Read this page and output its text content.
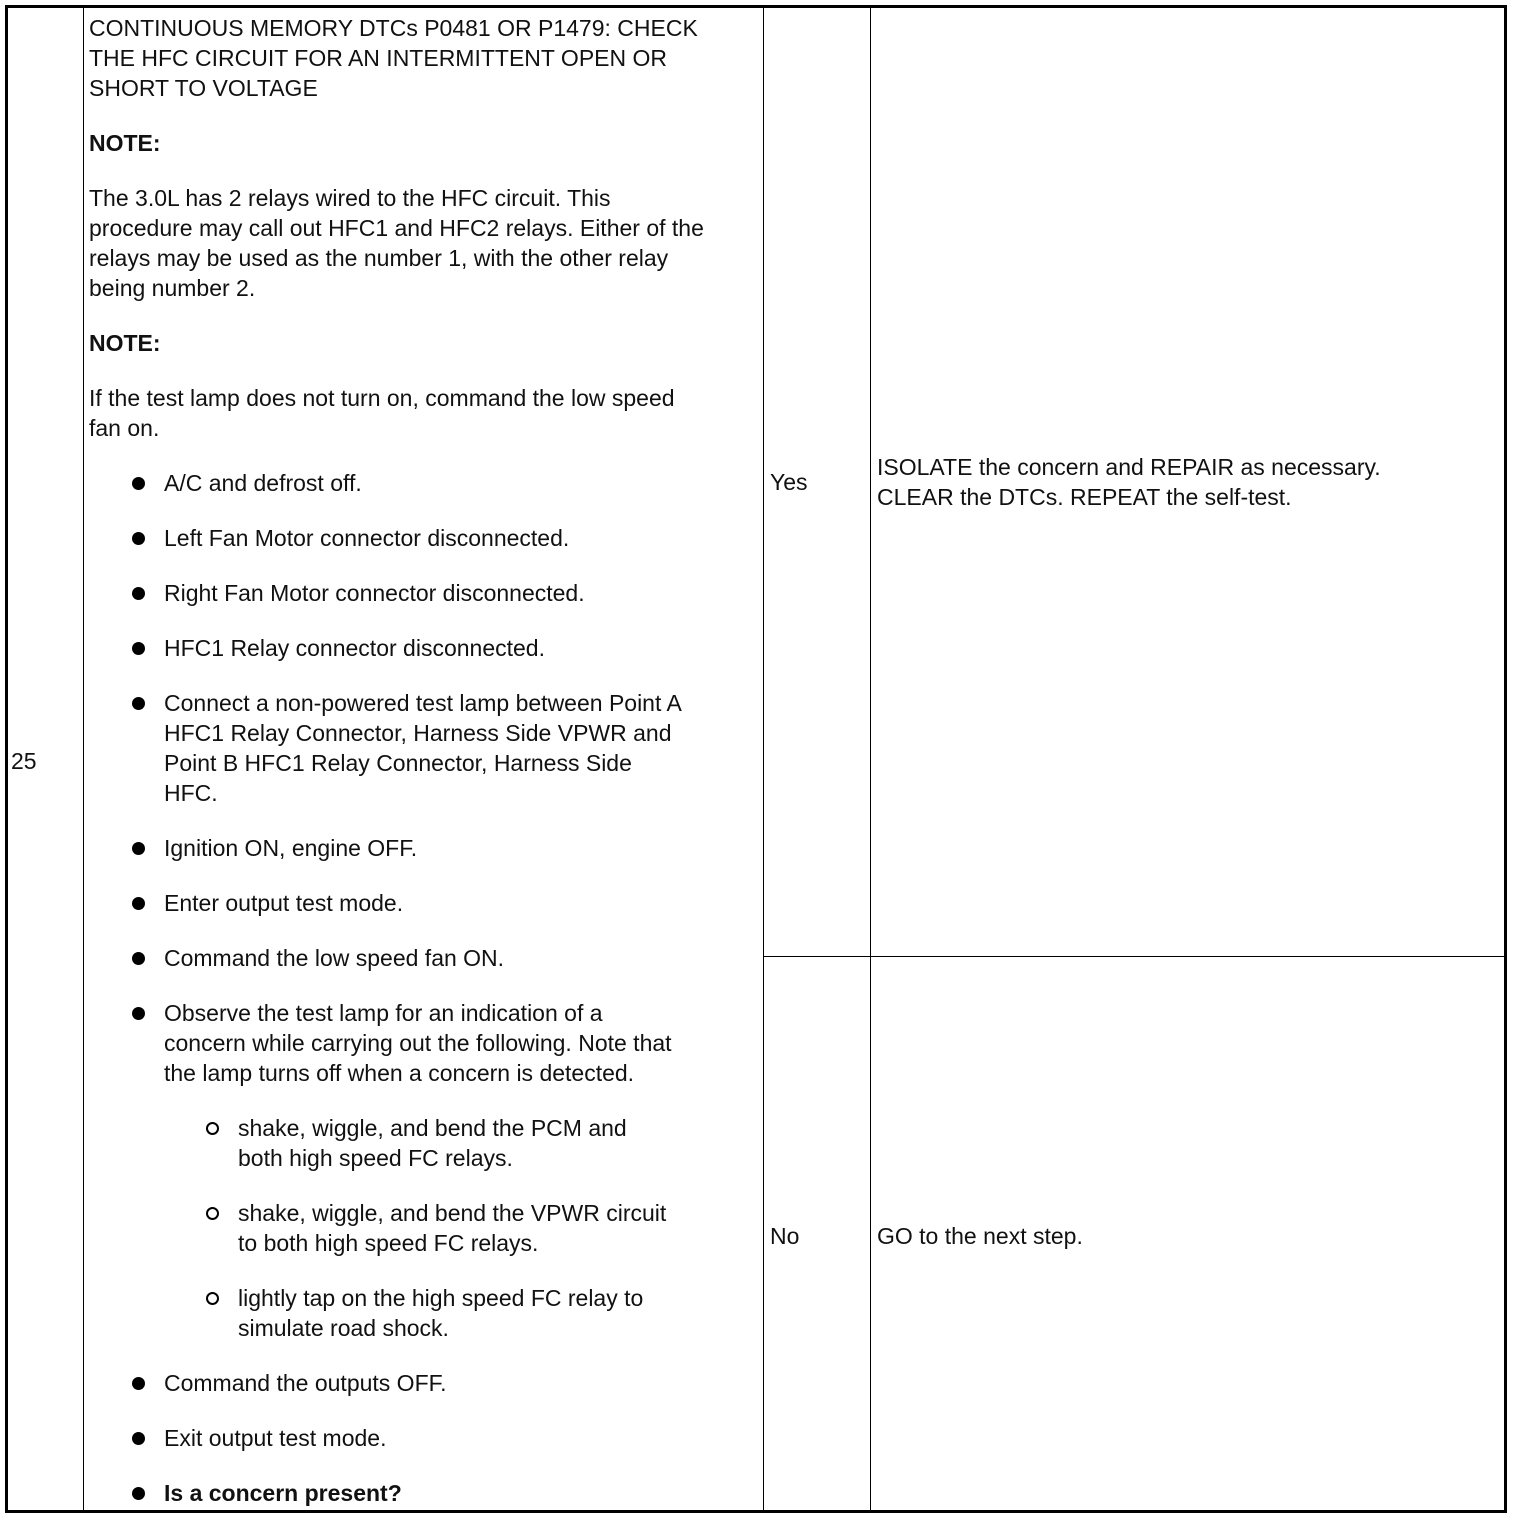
25
CONTINUOUS MEMORY DTCs P0481 OR P1479: CHECK
THE HFC CIRCUIT FOR AN INTERMITTENT OPEN OR
SHORT TO VOLTAGE
NOTE:
The 3.0L has 2 relays wired to the HFC circuit. This
procedure may call out HFC1 and HFC2 relays. Either of the
relays may be used as the number 1, with the other relay
being number 2.
NOTE:
If the test lamp does not turn on, command the low speed
fan on.
A/C and defrost off.
Left Fan Motor connector disconnected.
Right Fan Motor connector disconnected.
HFC1 Relay connector disconnected.
Connect a non-powered test lamp between Point A
HFC1 Relay Connector, Harness Side VPWR and
Point B HFC1 Relay Connector, Harness Side
HFC.
Ignition ON, engine OFF.
Enter output test mode.
Command the low speed fan ON.
Observe the test lamp for an indication of a
concern while carrying out the following. Note that
the lamp turns off when a concern is detected.
shake, wiggle, and bend the PCM and
both high speed FC relays.
shake, wiggle, and bend the VPWR circuit
to both high speed FC relays.
lightly tap on the high speed FC relay to
simulate road shock.
Command the outputs OFF.
Exit output test mode.
Is a concern present?
Yes
ISOLATE the concern and REPAIR as necessary.
CLEAR the DTCs. REPEAT the self-test.
No	GO to the next step.
